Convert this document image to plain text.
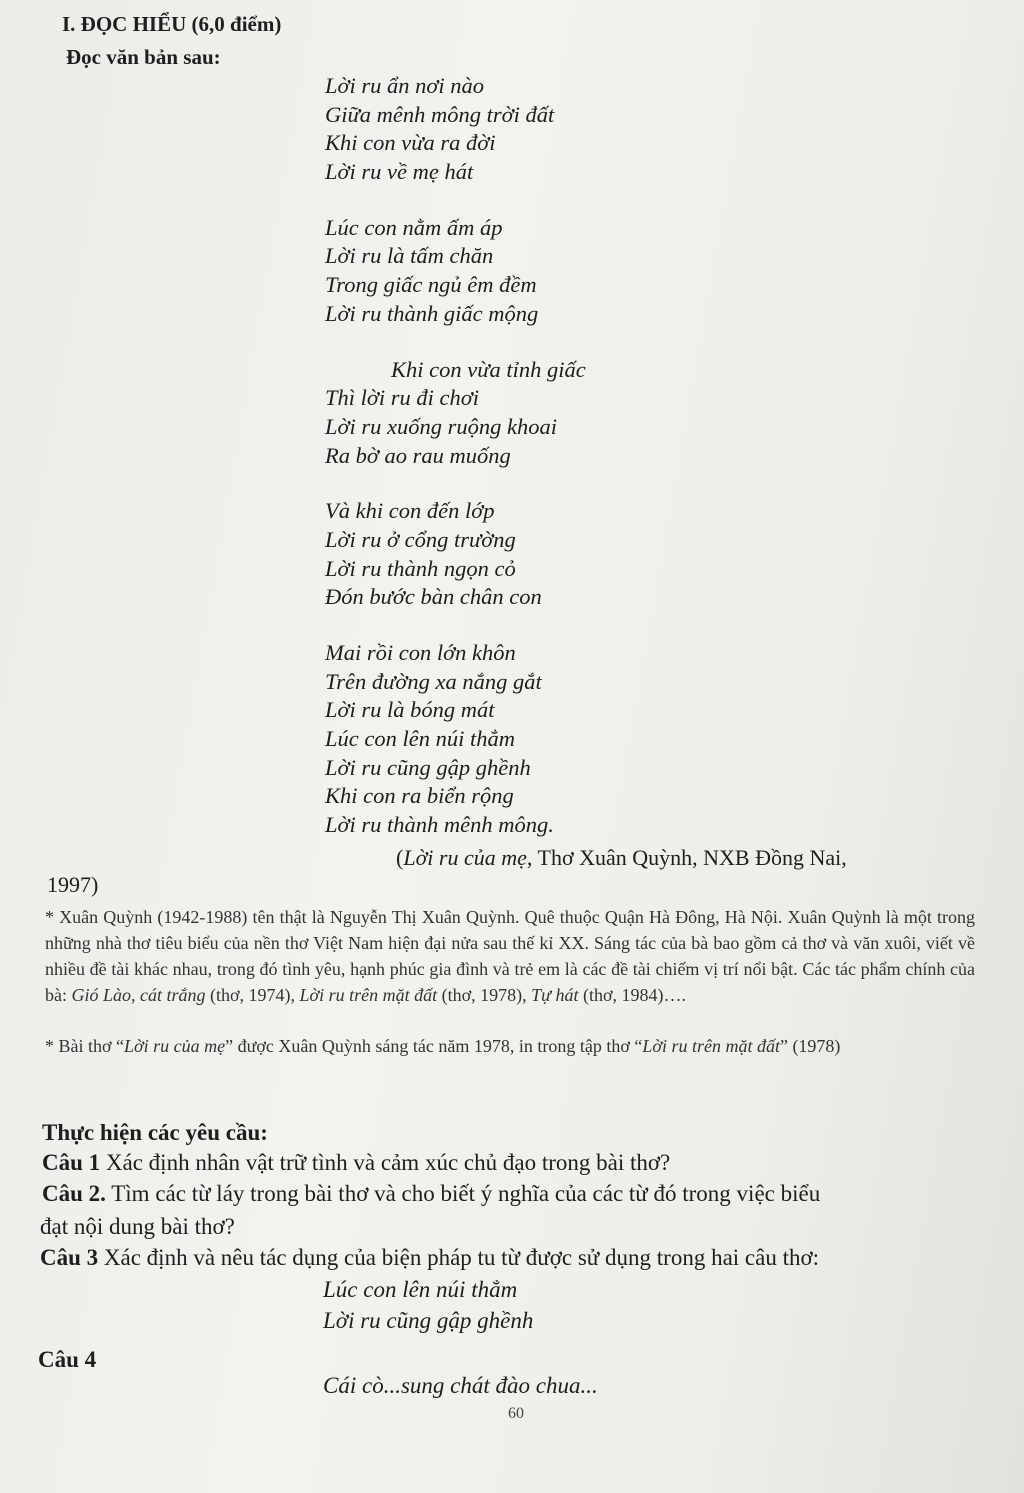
I. ĐỌC HIỂU (6,0 điểm)
Đọc văn bản sau:
Lời ru ẩn nơi nào
Giữa mênh mông trời đất
Khi con vừa ra đời
Lời ru về mẹ hát
Lúc con nằm ấm áp
Lời ru là tấm chăn
Trong giấc ngủ êm đềm
Lời ru thành giấc mộng
Khi con vừa tỉnh giấc
Thì lời ru đi chơi
Lời ru xuống ruộng khoai
Ra bờ ao rau muống
Và khi con đến lớp
Lời ru ở cổng trường
Lời ru thành ngọn cỏ
Đón bước bàn chân con
Mai rồi con lớn khôn
Trên đường xa nắng gắt
Lời ru là bóng mát
Lúc con lên núi thẳm
Lời ru cũng gập ghềnh
Khi con ra biển rộng
Lời ru thành mênh mông.
(Lời ru của mẹ, Thơ Xuân Quỳnh, NXB Đồng Nai,
1997)
* Xuân Quỳnh (1942-1988) tên thật là Nguyễn Thị Xuân Quỳnh. Quê thuộc Quận Hà Đông, Hà Nội. Xuân Quỳnh là một trong những nhà thơ tiêu biểu của nền thơ Việt Nam hiện đại nửa sau thế kỉ XX. Sáng tác của bà bao gồm cả thơ và văn xuôi, viết về nhiều đề tài khác nhau, trong đó tình yêu, hạnh phúc gia đình và trẻ em là các đề tài chiếm vị trí nổi bật. Các tác phẩm chính của bà: Gió Lào, cát trắng (thơ, 1974), Lời ru trên mặt đất (thơ, 1978), Tự hát (thơ, 1984)….
* Bài thơ “Lời ru của mẹ” được Xuân Quỳnh sáng tác năm 1978, in trong tập thơ “Lời ru trên mặt đất” (1978)
Thực hiện các yêu cầu:
Câu 1 Xác định nhân vật trữ tình và cảm xúc chủ đạo trong bài thơ?
Câu 2. Tìm các từ láy trong bài thơ và cho biết ý nghĩa của các từ đó trong việc biểu
đạt nội dung bài thơ?
Câu 3 Xác định và nêu tác dụng của biện pháp tu từ được sử dụng trong hai câu thơ:
Lúc con lên núi thẳm
Lời ru cũng gập ghềnh
Câu 4
Cái cò...sung chát đào chua...
60
